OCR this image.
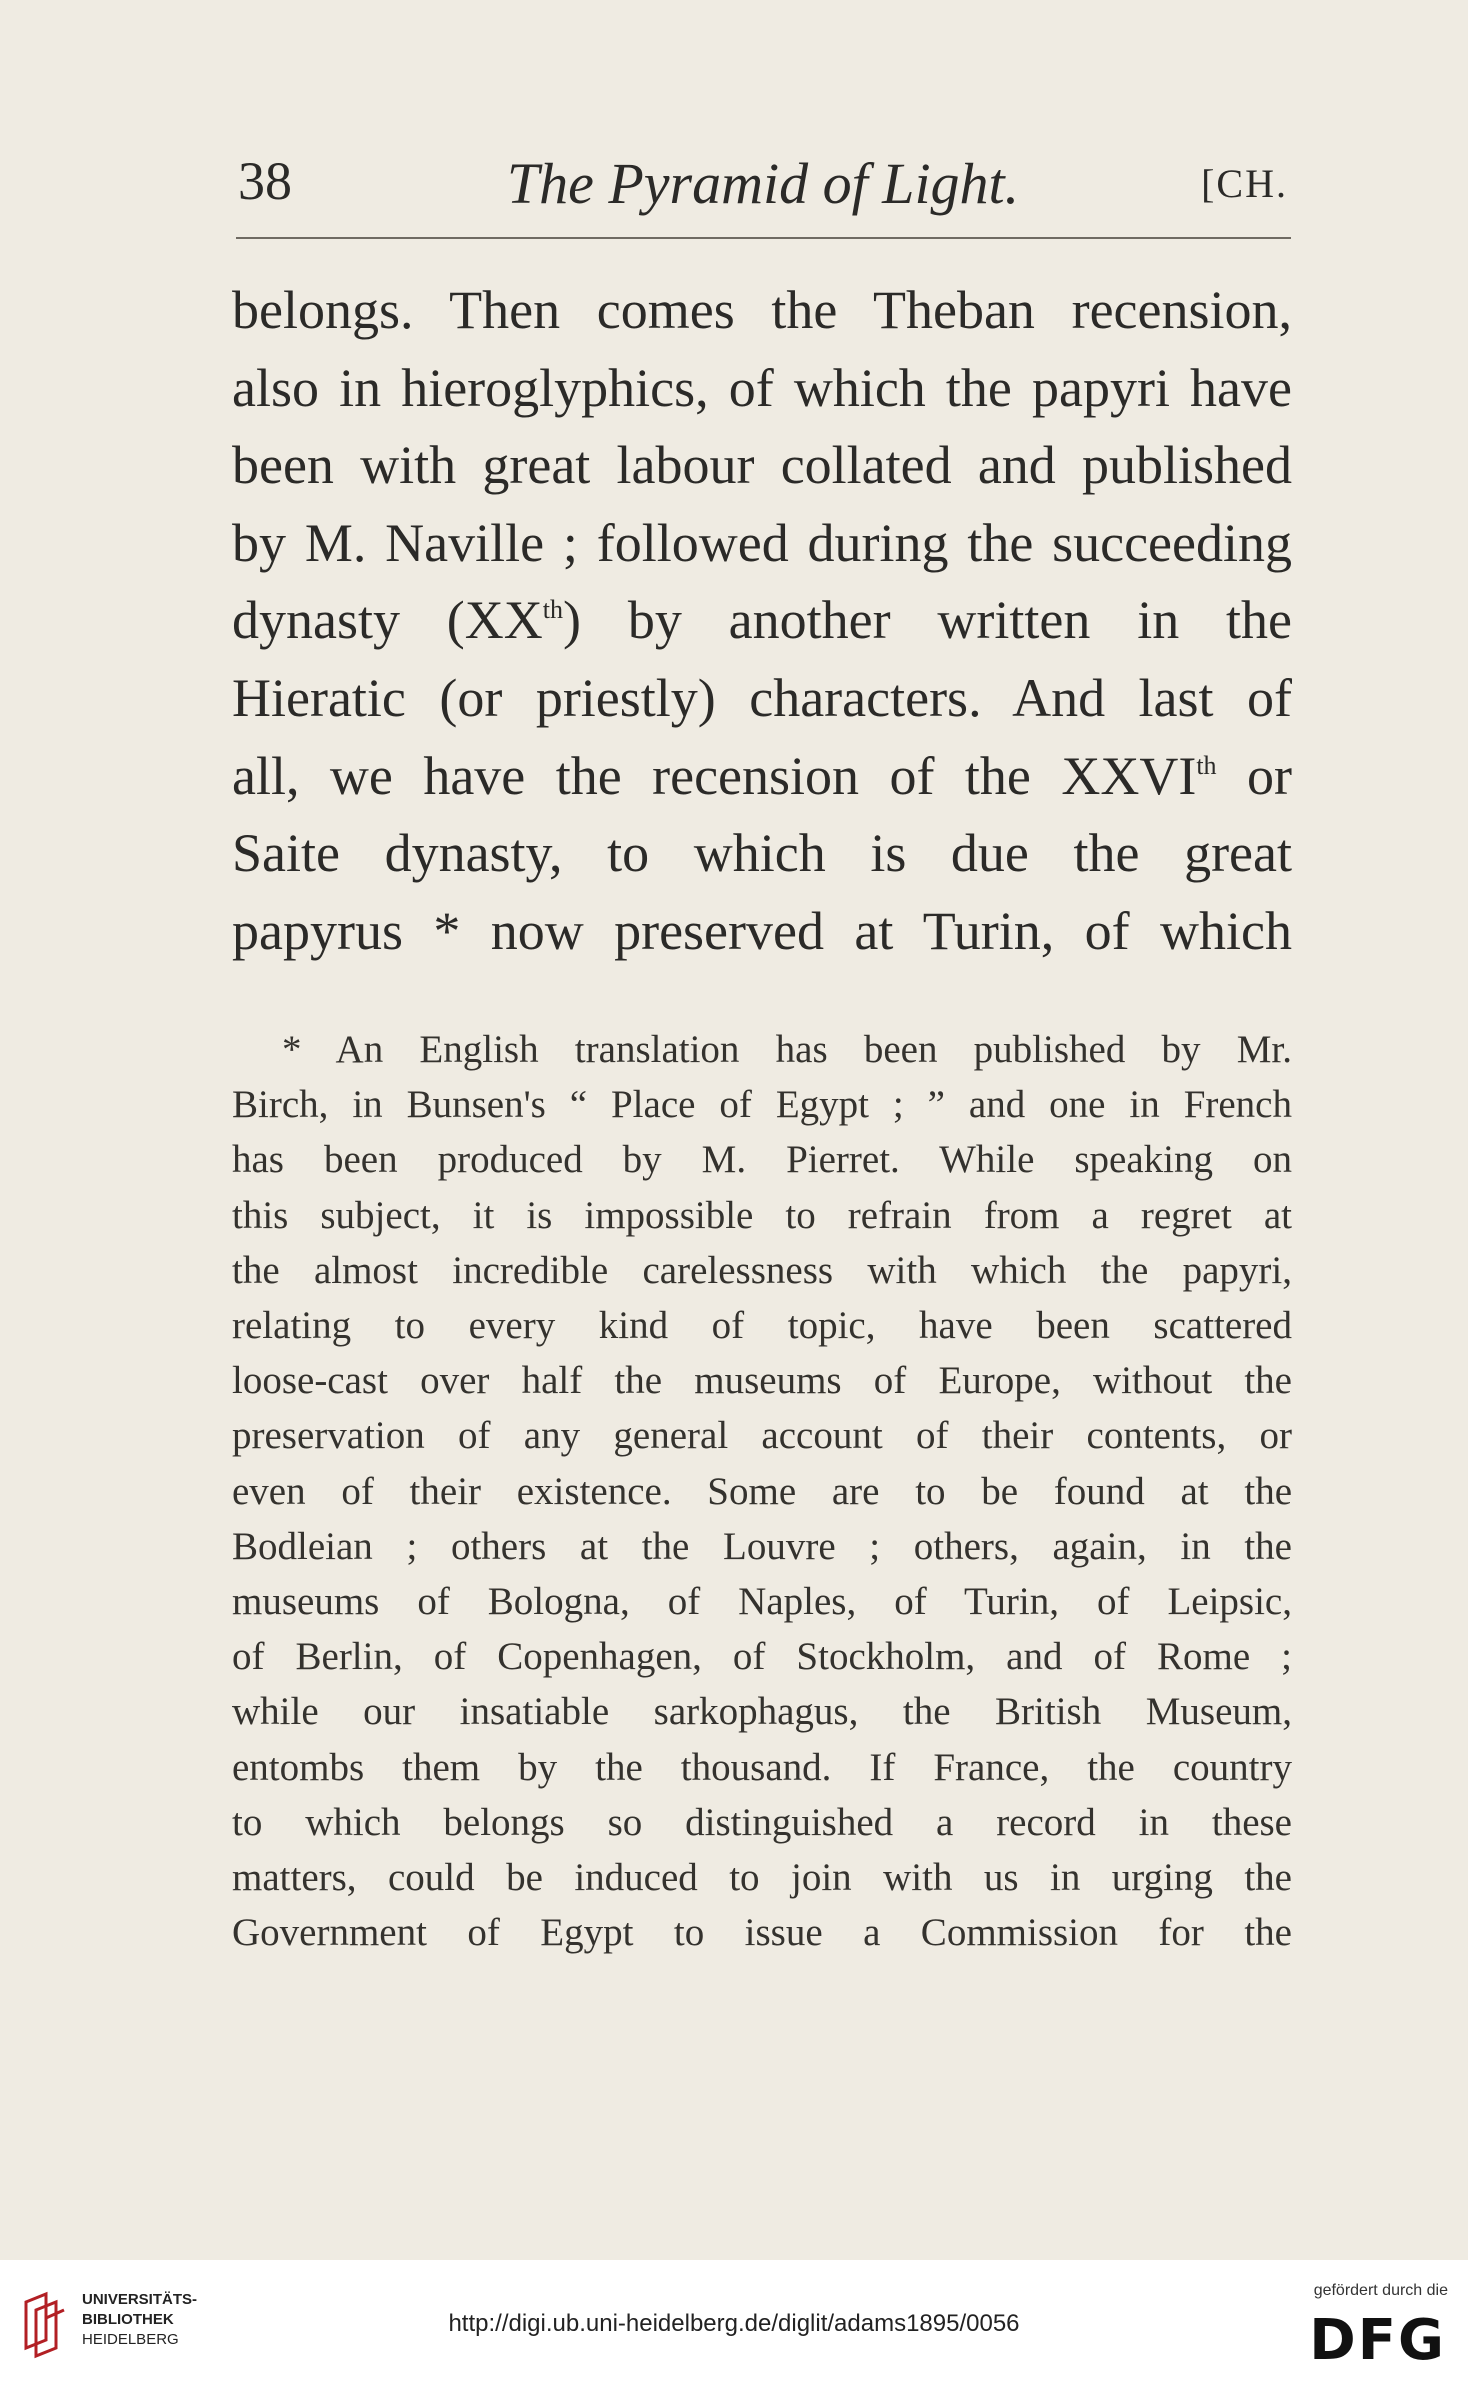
38	The Pyramid of Light.	[CH.

belongs. Then comes the Theban recension,
also in hieroglyphics, of which the papyri have
been with great labour collated and published
by M. Naville ; followed during the succeeding
dynasty (XXth) by another written in the
Hieratic (or priestly) characters. And last of
all, we have the recension of the XXVIth or
Saite dynasty, to which is due the great
papyrus * now preserved at Turin, of which

* An English translation has been published by Mr.
Birch, in Bunsen's “ Place of Egypt ; ” and one in French
has been produced by M. Pierret. While speaking on
this subject, it is impossible to refrain from a regret at
the almost incredible carelessness with which the papyri,
relating to every kind of topic, have been scattered
loose-cast over half the museums of Europe, without the
preservation of any general account of their contents, or
even of their existence. Some are to be found at the
Bodleian ; others at the Louvre ; others, again, in the
museums of Bologna, of Naples, of Turin, of Leipsic,
of Berlin, of Copenhagen, of Stockholm, and of Rome ;
while our insatiable sarkophagus, the British Museum,
entombs them by the thousand. If France, the country
to which belongs so distinguished a record in these
matters, could be induced to join with us in urging the
Government of Egypt to issue a Commission for the

UNIVERSITÄTS-
BIBLIOTHEK
HEIDELBERG
http://digi.ub.uni-heidelberg.de/diglit/adams1895/0056
gefördert durch die
DFG
